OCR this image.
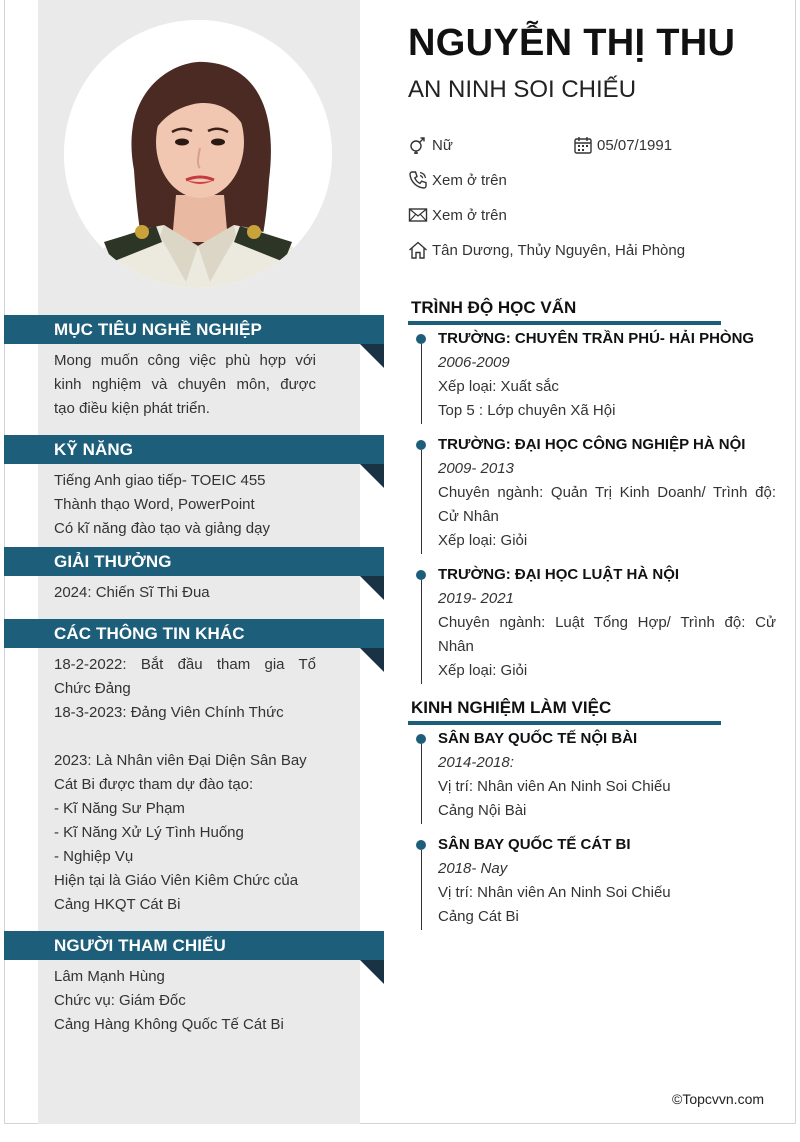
NGUYỄN THỊ THU
AN NINH SOI CHIẾU
Nữ	05/07/1991
Xem ở trên
Xem ở trên
Tân Dương, Thủy Nguyên, Hải Phòng
MỤC TIÊU NGHỀ NGHIỆP
Mong muốn công việc phù hợp với
kinh nghiệm và chuyên môn, được
tạo điều kiện phát triển.
KỸ NĂNG
Tiếng Anh giao tiếp- TOEIC 455
Thành thạo Word, PowerPoint
Có kĩ năng đào tạo và giảng dạy
GIẢI THƯỞNG
2024: Chiến Sĩ Thi Đua
CÁC THÔNG TIN KHÁC
18-2-2022: Bắt đầu tham gia Tổ
Chức Đảng
18-3-2023: Đảng Viên Chính Thức
2023: Là Nhân viên Đại Diện Sân Bay
Cát Bi được tham dự đào tạo:
- Kĩ Năng Sư Phạm
- Kĩ Năng Xử Lý Tình Huống
- Nghiệp Vụ
Hiện tại là Giáo Viên Kiêm Chức của
Cảng HKQT Cát Bi
NGƯỜI THAM CHIẾU
Lâm Mạnh Hùng
Chức vụ: Giám Đốc
Cảng Hàng Không Quốc Tế Cát Bi
TRÌNH ĐỘ HỌC VẤN
TRƯỜNG: CHUYÊN TRẦN PHÚ- HẢI PHÒNG
2006-2009
Xếp loại: Xuất sắc
Top 5 : Lớp chuyên Xã Hội
TRƯỜNG: ĐẠI HỌC CÔNG NGHIỆP HÀ NỘI
2009- 2013
Chuyên ngành: Quản Trị Kinh Doanh/ Trình độ:
Cử Nhân
Xếp loại: Giỏi
TRƯỜNG: ĐẠI HỌC LUẬT HÀ NỘI
2019- 2021
Chuyên ngành: Luật Tổng Hợp/ Trình độ: Cử
Nhân
Xếp loại: Giỏi
KINH NGHIỆM LÀM VIỆC
SÂN BAY QUỐC TẾ NỘI BÀI
2014-2018:
Vị trí: Nhân viên An Ninh Soi Chiếu
Cảng Nội Bài
SÂN BAY QUỐC TẾ CÁT BI
2018- Nay
Vị trí: Nhân viên An Ninh Soi Chiếu
Cảng Cát Bi
©Topcvvn.com
